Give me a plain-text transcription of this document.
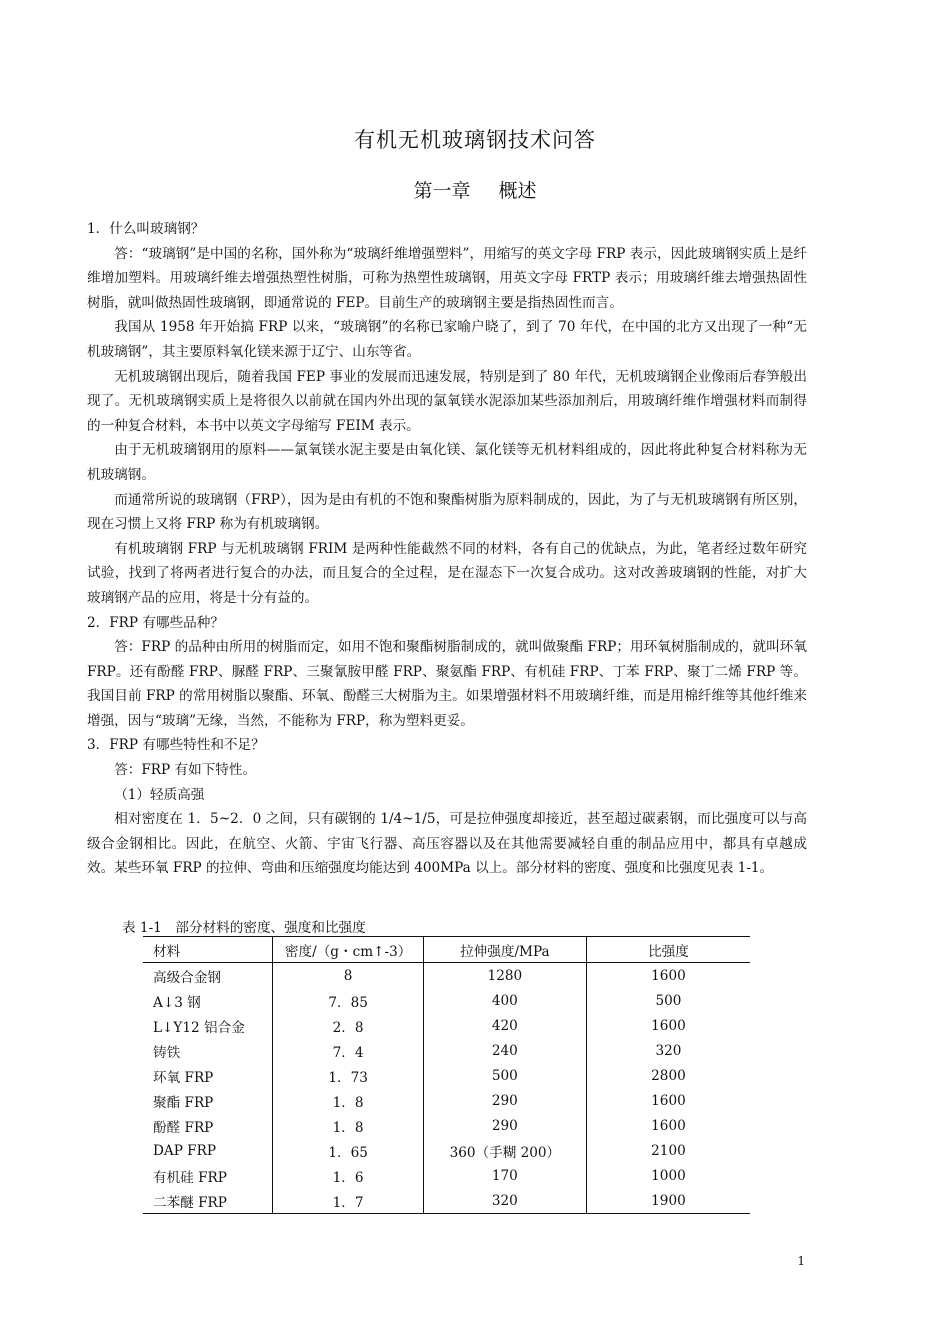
有机无机玻璃钢技术问答
第一章 概述

1．什么叫玻璃钢？

答：“玻璃钢”是中国的名称，国外称为“玻璃纤维增强塑料”，用缩写的英文字母 FRP 表示，因此玻璃钢实质上是纤维增加塑料。用玻璃纤维去增强热塑性树脂，可称为热塑性玻璃钢，用英文字母 FRTP 表示；用玻璃纤维去增强热固性树脂，就叫做热固性玻璃钢，即通常说的 FEP。目前生产的玻璃钢主要是指热固性而言。

我国从 1958 年开始搞 FRP 以来，“玻璃钢”的名称已家喻户晓了，到了 70 年代，在中国的北方又出现了一种“无机玻璃钢”，其主要原料氧化镁来源于辽宁、山东等省。

无机玻璃钢出现后，随着我国 FEP 事业的发展而迅速发展，特别是到了 80 年代，无机玻璃钢企业像雨后春笋般出现了。无机玻璃钢实质上是将很久以前就在国内外出现的氯氧镁水泥添加某些添加剂后，用玻璃纤维作增强材料而制得的一种复合材料，本书中以英文字母缩写 FEIM 表示。

由于无机玻璃钢用的原料——氯氧镁水泥主要是由氧化镁、氯化镁等无机材料组成的，因此将此种复合材料称为无机玻璃钢。

而通常所说的玻璃钢（FRP），因为是由有机的不饱和聚酯树脂为原料制成的，因此，为了与无机玻璃钢有所区别，现在习惯上又将 FRP 称为有机玻璃钢。

有机玻璃钢 FRP 与无机玻璃钢 FRIM 是两种性能截然不同的材料，各有自己的优缺点，为此，笔者经过数年研究试验，找到了将两者进行复合的办法，而且复合的全过程，是在湿态下一次复合成功。这对改善玻璃钢的性能，对扩大玻璃钢产品的应用，将是十分有益的。

2．FRP 有哪些品种？

答：FRP 的品种由所用的树脂而定，如用不饱和聚酯树脂制成的，就叫做聚酯 FRP；用环氧树脂制成的，就叫环氧 FRP。还有酚醛 FRP、脲醛 FRP、三聚氰胺甲醛 FRP、聚氨酯 FRP、有机硅 FRP、丁苯 FRP、聚丁二烯 FRP 等。我国目前 FRP 的常用树脂以聚酯、环氧、酚醛三大树脂为主。如果增强材料不用玻璃纤维，而是用棉纤维等其他纤维来增强，因与“玻璃”无缘，当然，不能称为 FRP，称为塑料更妥。

3．FRP 有哪些特性和不足？

答：FRP 有如下特性。

（1）轻质高强

相对密度在 1．5~2．0 之间，只有碳钢的 1/4~1/5，可是拉伸强度却接近，甚至超过碳素钢，而比强度可以与高级合金钢相比。因此，在航空、火箭、宇宙飞行器、高压容器以及在其他需要减轻自重的制品应用中，都具有卓越成效。某些环氧 FRP 的拉伸、弯曲和压缩强度均能达到 400MPa 以上。部分材料的密度、强度和比强度见表 1-1。

表 1-1　部分材料的密度、强度和比强度
材料	密度/（g・cm↑-3）	拉伸强度/MPa	比强度
高级合金钢	8	1280	1600
A↓3 钢	7．85	400	500
L↓Y12 铝合金	2．8	420	1600
铸铁	7．4	240	320
环氧 FRP	1．73	500	2800
聚酯 FRP	1．8	290	1600
酚醛 FRP	1．8	290	1600
DAP FRP	1．65	360（手糊 200）	2100
有机硅 FRP	1．6	170	1000
二苯醚 FRP	1．7	320	1900
1
